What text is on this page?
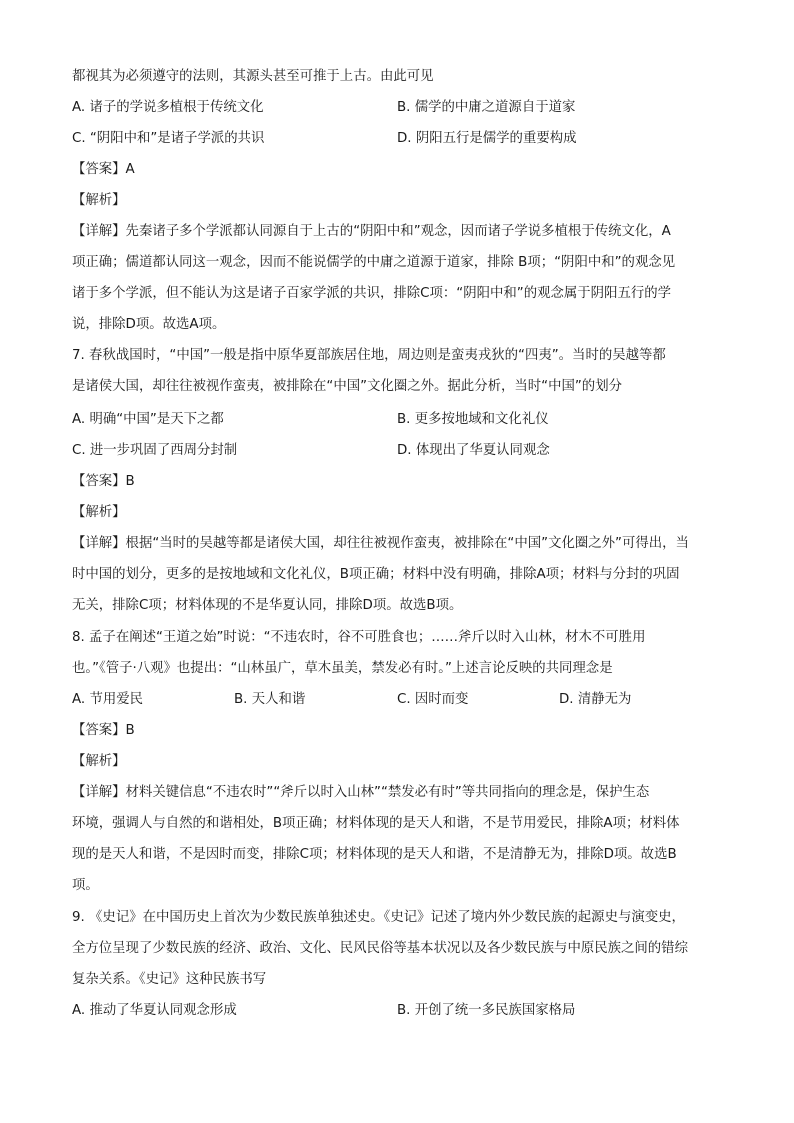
都视其为必须遵守的法则，其源头甚至可推于上古。由此可见
A. 诸子的学说多植根于传统文化	B. 儒学的中庸之道源自于道家
C. “阴阳中和”是诸子学派的共识	D. 阴阳五行是儒学的重要构成
【答案】A
【解析】
【详解】先秦诸子多个学派都认同源自于上古的“阴阳中和”观念，因而诸子学说多植根于传统文化，A
项正确；儒道都认同这一观念，因而不能说儒学的中庸之道源于道家，排除 B项；“阴阳中和”的观念见
诸于多个学派，但不能认为这是诸子百家学派的共识，排除C项：“阴阳中和”的观念属于阴阳五行的学
说，排除D项。故选A项。
7. 春秋战国时，“中国”一般是指中原华夏部族居住地，周边则是蛮夷戎狄的“四夷”。当时的吴越等都
是诸侯大国，却往往被视作蛮夷，被排除在“中国”文化圈之外。据此分析，当时“中国”的划分
A. 明确“中国”是天下之都	B. 更多按地域和文化礼仪
C. 进一步巩固了西周分封制	D. 体现出了华夏认同观念
【答案】B
【解析】
【详解】根据“当时的吴越等都是诸侯大国，却往往被视作蛮夷，被排除在“中国”文化圈之外”可得出，当
时中国的划分，更多的是按地域和文化礼仪，B项正确；材料中没有明确，排除A项；材料与分封的巩固
无关，排除C项；材料体现的不是华夏认同，排除D项。故选B项。
8. 孟子在阐述“王道之始”时说：“不违农时，谷不可胜食也；……斧斤以时入山林，材木不可胜用
也。”《管子·八观》也提出：“山林虽广，草木虽美，禁发必有时。”上述言论反映的共同理念是
A. 节用爱民	B. 天人和谐	C. 因时而变	D. 清静无为
【答案】B
【解析】
【详解】材料关键信息“不违农时”“斧斤以时入山林”“禁发必有时”等共同指向的理念是，保护生态
环境，强调人与自然的和谐相处，B项正确；材料体现的是天人和谐，不是节用爱民，排除A项；材料体
现的是天人和谐，不是因时而变，排除C项；材料体现的是天人和谐，不是清静无为，排除D项。故选B
项。
9. 《史记》在中国历史上首次为少数民族单独述史。《史记》记述了境内外少数民族的起源史与演变史，
全方位呈现了少数民族的经济、政治、文化、民风民俗等基本状况以及各少数民族与中原民族之间的错综
复杂关系。《史记》这种民族书写
A. 推动了华夏认同观念形成	B. 开创了统一多民族国家格局
